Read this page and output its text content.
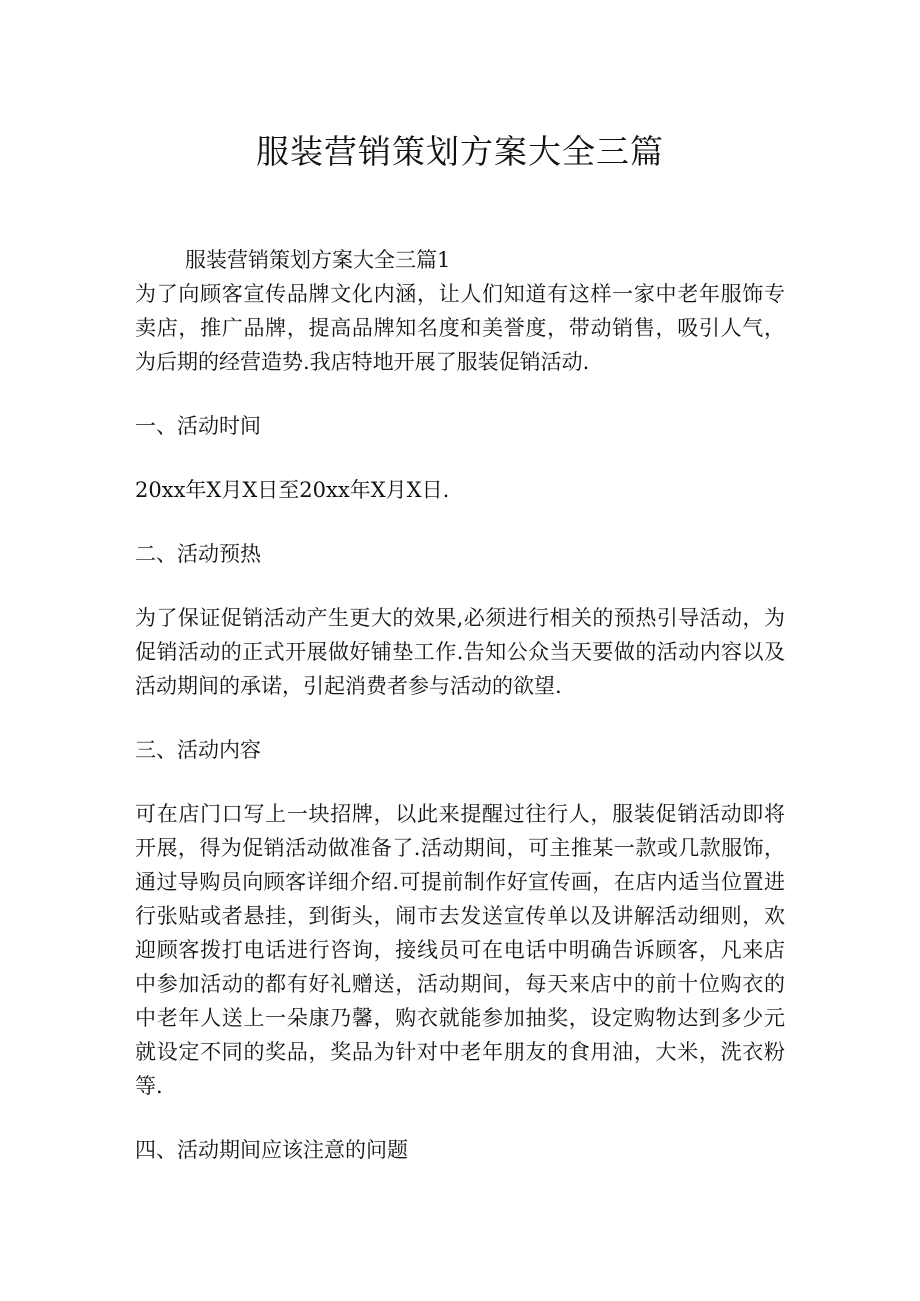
服装营销策划方案大全三篇

服装营销策划方案大全三篇1

为了向顾客宣传品牌文化内涵，让人们知道有这样一家中老年服饰专卖店，推广品牌，提高品牌知名度和美誉度，带动销售，吸引人气，为后期的经营造势.我店特地开展了服装促销活动.

一、活动时间

20xx年X月X日至20xx年X月X日.

二、活动预热

为了保证促销活动产生更大的效果,必须进行相关的预热引导活动，为促销活动的正式开展做好铺垫工作.告知公众当天要做的活动内容以及活动期间的承诺，引起消费者参与活动的欲望.

三、活动内容

可在店门口写上一块招牌，以此来提醒过往行人，服装促销活动即将开展，得为促销活动做准备了.活动期间，可主推某一款或几款服饰，通过导购员向顾客详细介绍.可提前制作好宣传画，在店内适当位置进行张贴或者悬挂，到街头，闹市去发送宣传单以及讲解活动细则，欢迎顾客拨打电话进行咨询，接线员可在电话中明确告诉顾客，凡来店中参加活动的都有好礼赠送，活动期间，每天来店中的前十位购衣的中老年人送上一朵康乃馨，购衣就能参加抽奖，设定购物达到多少元就设定不同的奖品，奖品为针对中老年朋友的食用油，大米，洗衣粉等.

四、活动期间应该注意的问题
